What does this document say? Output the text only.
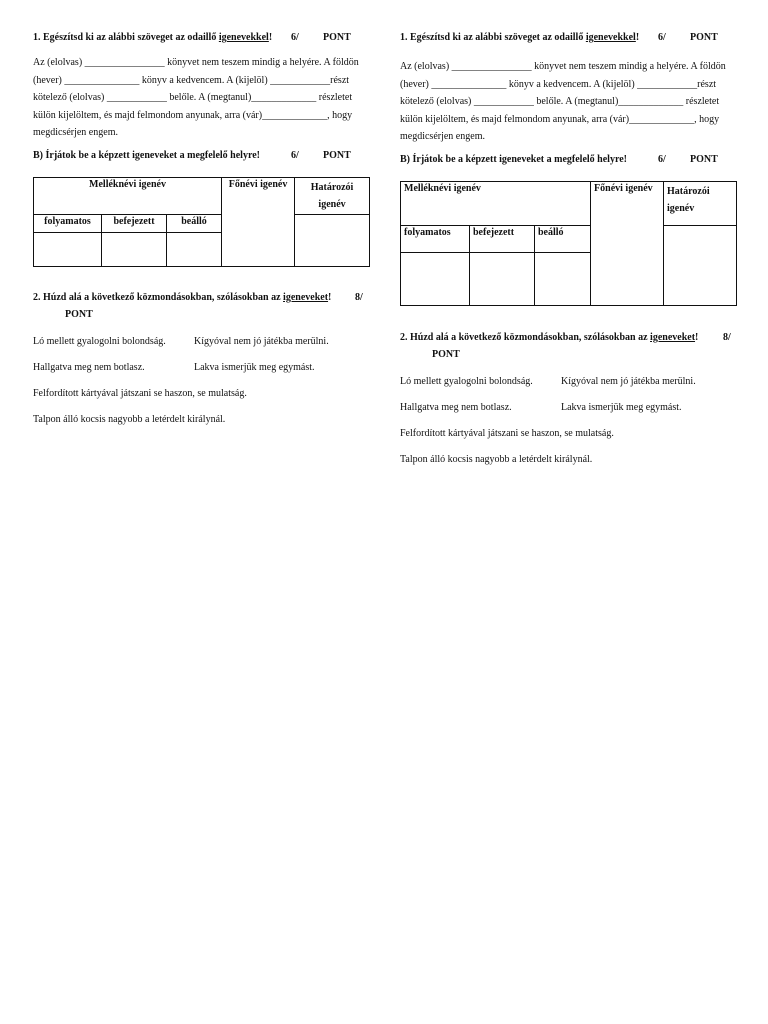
1. Egészítsd ki az alábbi szöveget az odaillő igenevekkel! 6/ PONT
Az (elolvas) ________________ könyvet nem teszem mindig a helyére. A földön
(hever) _______________ könyv a kedvencem. A (kijelöl) ____________részt
kötelező (elolvas) ____________ belőle. A (megtanul)_____________ részletet
külön kijelöltem, és majd felmondom anyunak, arra (vár)_____________, hogy
megdicsérjen engem.
B) Írjátok be a képzett igeneveket a megfelelő helyre!	6/ PONT
Melléknévi igenév			Főnévi igenév	Határozói igenév
folyamatos	befejezett	beálló		

2. Húzd alá a következő közmondásokban, szólásokban az igeneveket! 8/
PONT
Ló mellett gyalogolni bolondság.	Kígyóval nem jó játékba merülni.
Hallgatva meg nem botlasz.	Lakva ismerjük meg egymást.
Felfordított kártyával játszani se haszon, se mulatság.
Talpon álló kocsis nagyobb a letérdelt királynál.
1. Egészítsd ki az alábbi szöveget az odaillő igenevekkel! 6/ PONT
Az (elolvas) ________________ könyvet nem teszem mindig a helyére. A földön
(hever) _______________ könyv a kedvencem. A (kijelöl) ____________részt
kötelező (elolvas) ____________ belőle. A (megtanul)_____________ részletet
külön kijelöltem, és majd felmondom anyunak, arra (vár)_____________, hogy
megdicsérjen engem.
B) Írjátok be a képzett igeneveket a megfelelő helyre!	6/ PONT
Melléknévi igenév			Főnévi igenév	Határozói igenév
folyamatos	befejezett	beálló		

2. Húzd alá a következő közmondásokban, szólásokban az igeneveket! 8/
PONT
Ló mellett gyalogolni bolondság.	Kígyóval nem jó játékba merülni.
Hallgatva meg nem botlasz.	Lakva ismerjük meg egymást.
Felfordított kártyával játszani se haszon, se mulatság.
Talpon álló kocsis nagyobb a letérdelt királynál.
